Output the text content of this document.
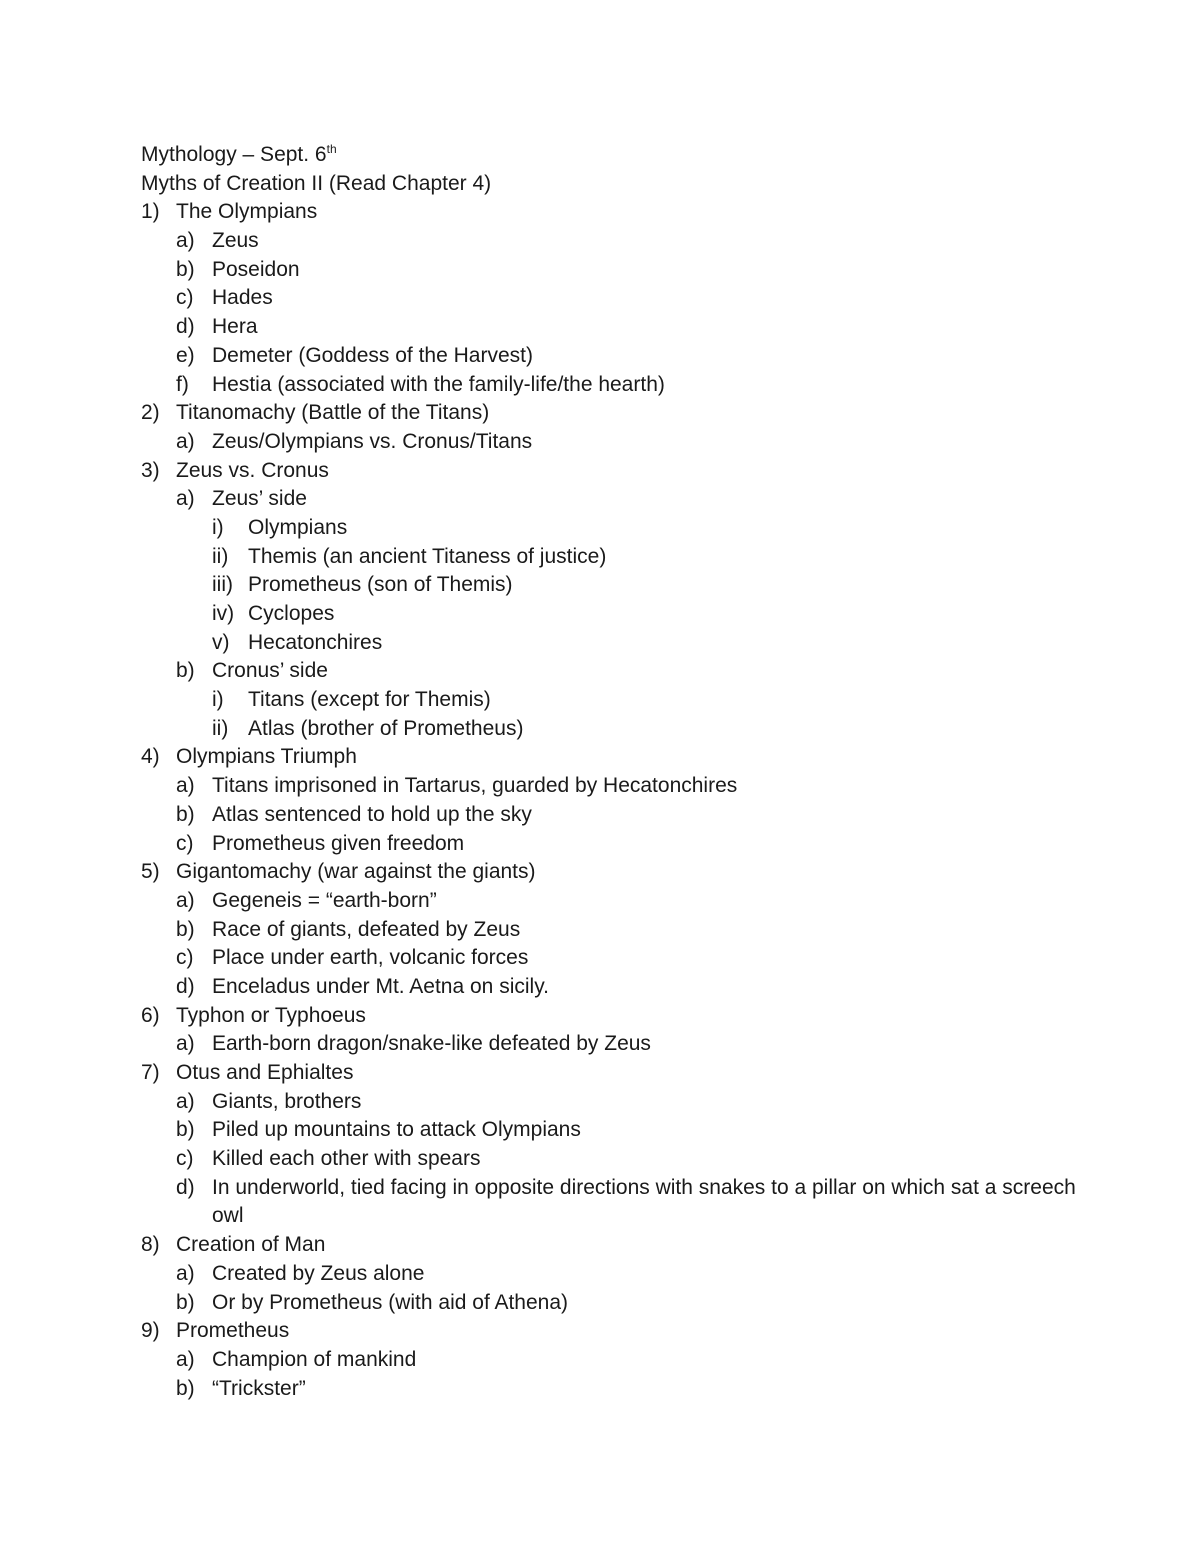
Mythology – Sept. 6th
Myths of Creation II (Read Chapter 4)
1) The Olympians
a) Zeus
b) Poseidon
c) Hades
d) Hera
e) Demeter (Goddess of the Harvest)
f)	Hestia (associated with the family-life/the hearth)
2) Titanomachy (Battle of the Titans)
a) Zeus/Olympians vs. Cronus/Titans
3) Zeus vs. Cronus
a) Zeus’ side
i)	Olympians
ii) Themis (an ancient Titaness of justice)
iii) Prometheus (son of Themis)
iv) Cyclopes
v) Hecatonchires
b) Cronus’ side
i)	Titans (except for Themis)
ii) Atlas (brother of Prometheus)
4) Olympians Triumph
a) Titans imprisoned in Tartarus, guarded by Hecatonchires
b) Atlas sentenced to hold up the sky
c) Prometheus given freedom
5) Gigantomachy (war against the giants)
a) Gegeneis = “earth-born”
b) Race of giants, defeated by Zeus
c) Place under earth, volcanic forces
d) Enceladus under Mt. Aetna on sicily.
6) Typhon or Typhoeus
a) Earth-born dragon/snake-like defeated by Zeus
7) Otus and Ephialtes
a) Giants, brothers
b) Piled up mountains to attack Olympians
c) Killed each other with spears
d) In underworld, tied facing in opposite directions with snakes to a pillar on which sat a screech owl
8) Creation of Man
a) Created by Zeus alone
b) Or by Prometheus (with aid of Athena)
9) Prometheus
a) Champion of mankind
b) “Trickster”
